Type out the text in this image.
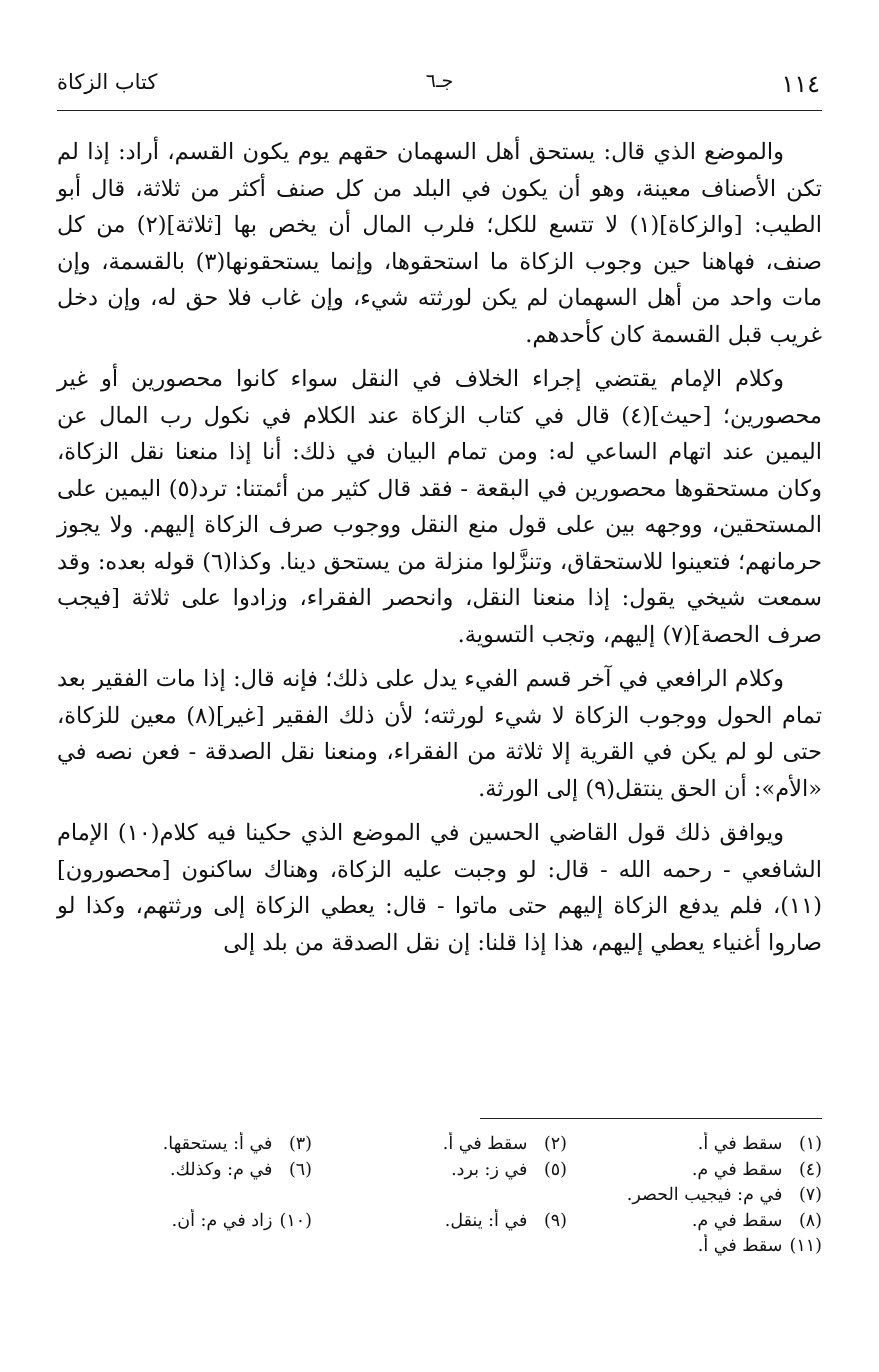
١١٤
جـ٦
كتاب الزكاة

والموضع الذي قال: يستحق أهل السهمان حقهم يوم يكون القسم، أراد: إذا لم تكن الأصناف معينة، وهو أن يكون في البلد من كل صنف أكثر من ثلاثة، قال أبو الطيب: [والزكاة](١) لا تتسع للكل؛ فلرب المال أن يخص بها [ثلاثة](٢) من كل صنف، فهاهنا حين وجوب الزكاة ما استحقوها، وإنما يستحقونها(٣) بالقسمة، وإن مات واحد من أهل السهمان لم يكن لورثته شيء، وإن غاب فلا حق له، وإن دخل غريب قبل القسمة كان كأحدهم.

وكلام الإمام يقتضي إجراء الخلاف في النقل سواء كانوا محصورين أو غير محصورين؛ [حيث](٤) قال في كتاب الزكاة عند الكلام في نكول رب المال عن اليمين عند اتهام الساعي له: ومن تمام البيان في ذلك: أنا إذا منعنا نقل الزكاة، وكان مستحقوها محصورين في البقعة - فقد قال كثير من أئمتنا: ترد(٥) اليمين على المستحقين، ووجهه بين على قول منع النقل ووجوب صرف الزكاة إليهم. ولا يجوز حرمانهم؛ فتعينوا للاستحقاق، وتنزَّلوا منزلة من يستحق دينا. وكذا(٦) قوله بعده: وقد سمعت شيخي يقول: إذا منعنا النقل، وانحصر الفقراء، وزادوا على ثلاثة [فيجب صرف الحصة](٧) إليهم، وتجب التسوية.

وكلام الرافعي في آخر قسم الفيء يدل على ذلك؛ فإنه قال: إذا مات الفقير بعد تمام الحول ووجوب الزكاة لا شيء لورثته؛ لأن ذلك الفقير [غير](٨) معين للزكاة، حتى لو لم يكن في القرية إلا ثلاثة من الفقراء، ومنعنا نقل الصدقة - فعن نصه في «الأم»: أن الحق ينتقل(٩) إلى الورثة.

ويوافق ذلك قول القاضي الحسين في الموضع الذي حكينا فيه كلام(١٠) الإمام الشافعي - رحمه الله - قال: لو وجبت عليه الزكاة، وهناك ساكنون [محصورون](١١)، فلم يدفع الزكاة إليهم حتى ماتوا - قال: يعطي الزكاة إلى ورثتهم، وكذا لو صاروا أغنياء يعطي إليهم، هذا إذا قلنا: إن نقل الصدقة من بلد إلى

(١) سقط في أ.
(٢) سقط في أ.
(٣) في أ: يستحقها.
(٤) سقط في م.
(٥) في ز: برد.
(٦) في م: وكذلك.
(٧) في م: فيجيب الحصر.
(٨) سقط في م.
(٩) في أ: ينقل.
(١٠) زاد في م: أن.
(١١) سقط في أ.
